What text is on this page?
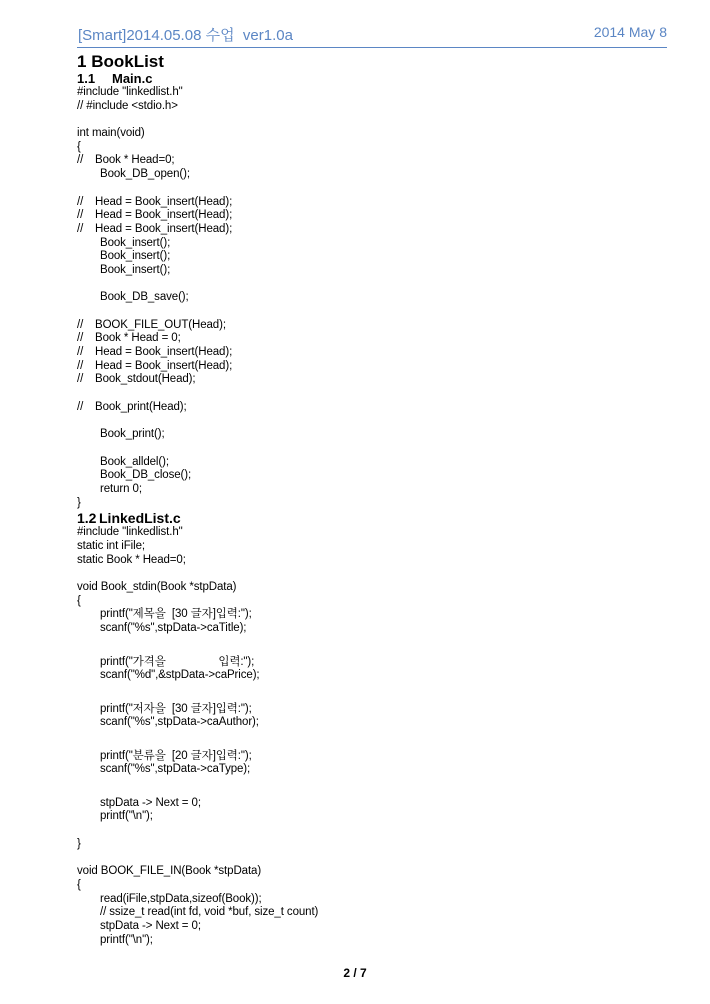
[Smart]2014.05.08 수업  ver1.0a	2014 May 8
1 BookList
1.1 Main.c
#include "linkedlist.h"
// #include <stdio.h>
int main(void)
{
// Book * Head=0;
Book_DB_open();
// Head = Book_insert(Head);
// Head = Book_insert(Head);
// Head = Book_insert(Head);
Book_insert();
Book_insert();
Book_insert();
Book_DB_save();
// BOOK_FILE_OUT(Head);
// Book * Head = 0;
// Head = Book_insert(Head);
// Head = Book_insert(Head);
// Book_stdout(Head);
// Book_print(Head);
Book_print();
Book_alldel();
Book_DB_close();
return 0;
}
1.2 LinkedList.c
#include "linkedlist.h"
static int iFile;
static Book * Head=0;
void Book_stdin(Book *stpData)
{
printf("제목을  [30 글자]입력:");
scanf("%s",stpData->caTitle);
printf("가격을                 입력:");
scanf("%d",&stpData->caPrice);
printf("저자을  [30 글자]입력:");
scanf("%s",stpData->caAuthor);
printf("분류을  [20 글자]입력:");
scanf("%s",stpData->caType);
stpData -> Next = 0;
printf("\n");
}
void BOOK_FILE_IN(Book *stpData)
{
read(iFile,stpData,sizeof(Book));
// ssize_t read(int fd, void *buf, size_t count)
stpData -> Next = 0;
printf("\n");
2 / 7
